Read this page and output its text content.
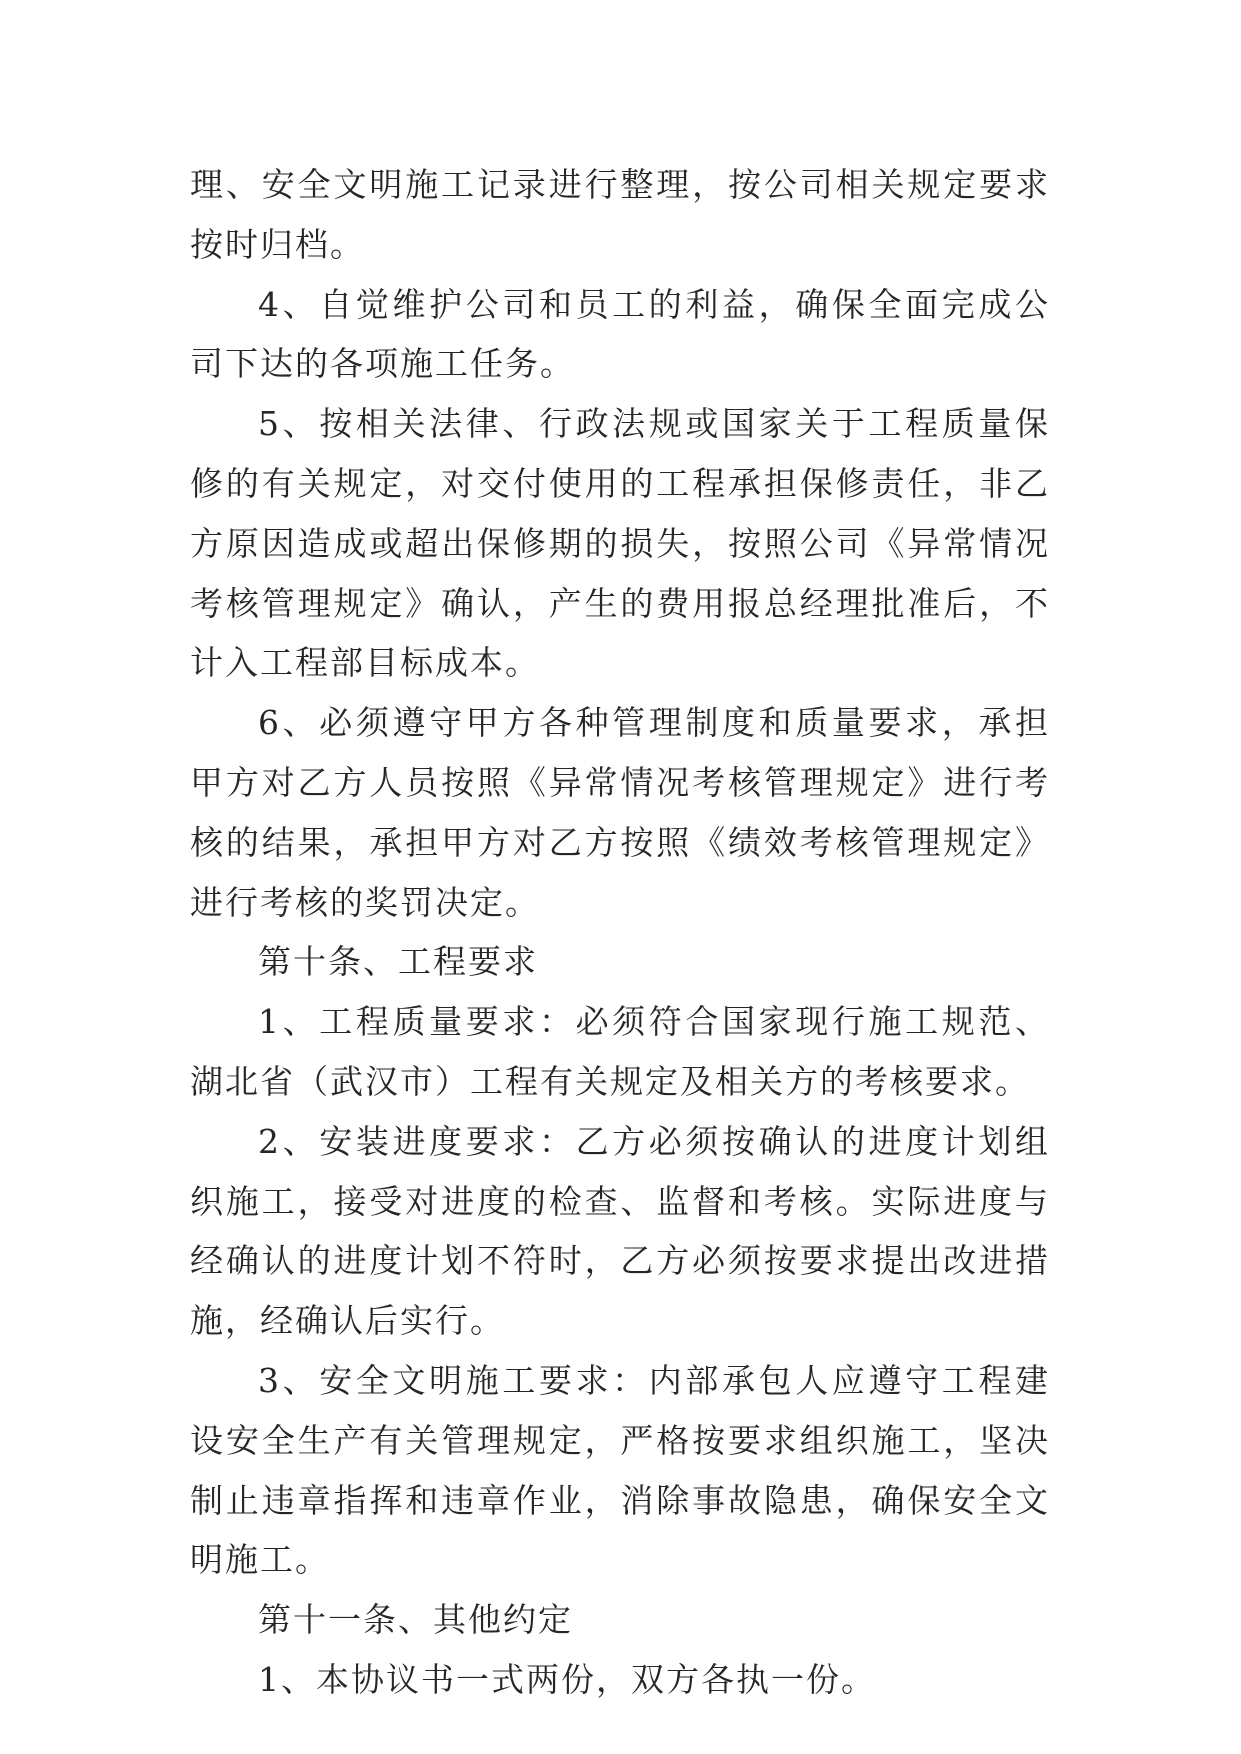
理、安全文明施工记录进行整理，按公司相关规定要求按时归档。

4、自觉维护公司和员工的利益，确保全面完成公司下达的各项施工任务。

5、按相关法律、行政法规或国家关于工程质量保修的有关规定，对交付使用的工程承担保修责任，非乙方原因造成或超出保修期的损失，按照公司《异常情况考核管理规定》确认，产生的费用报总经理批准后，不计入工程部目标成本。

6、必须遵守甲方各种管理制度和质量要求，承担甲方对乙方人员按照《异常情况考核管理规定》进行考核的结果，承担甲方对乙方按照《绩效考核管理规定》进行考核的奖罚决定。

第十条、工程要求

1、工程质量要求：必须符合国家现行施工规范、湖北省（武汉市）工程有关规定及相关方的考核要求。

2、安装进度要求：乙方必须按确认的进度计划组织施工，接受对进度的检查、监督和考核。实际进度与经确认的进度计划不符时，乙方必须按要求提出改进措施，经确认后实行。

3、安全文明施工要求：内部承包人应遵守工程建设安全生产有关管理规定，严格按要求组织施工，坚决制止违章指挥和违章作业，消除事故隐患，确保安全文明施工。

第十一条、其他约定

1、本协议书一式两份，双方各执一份。
